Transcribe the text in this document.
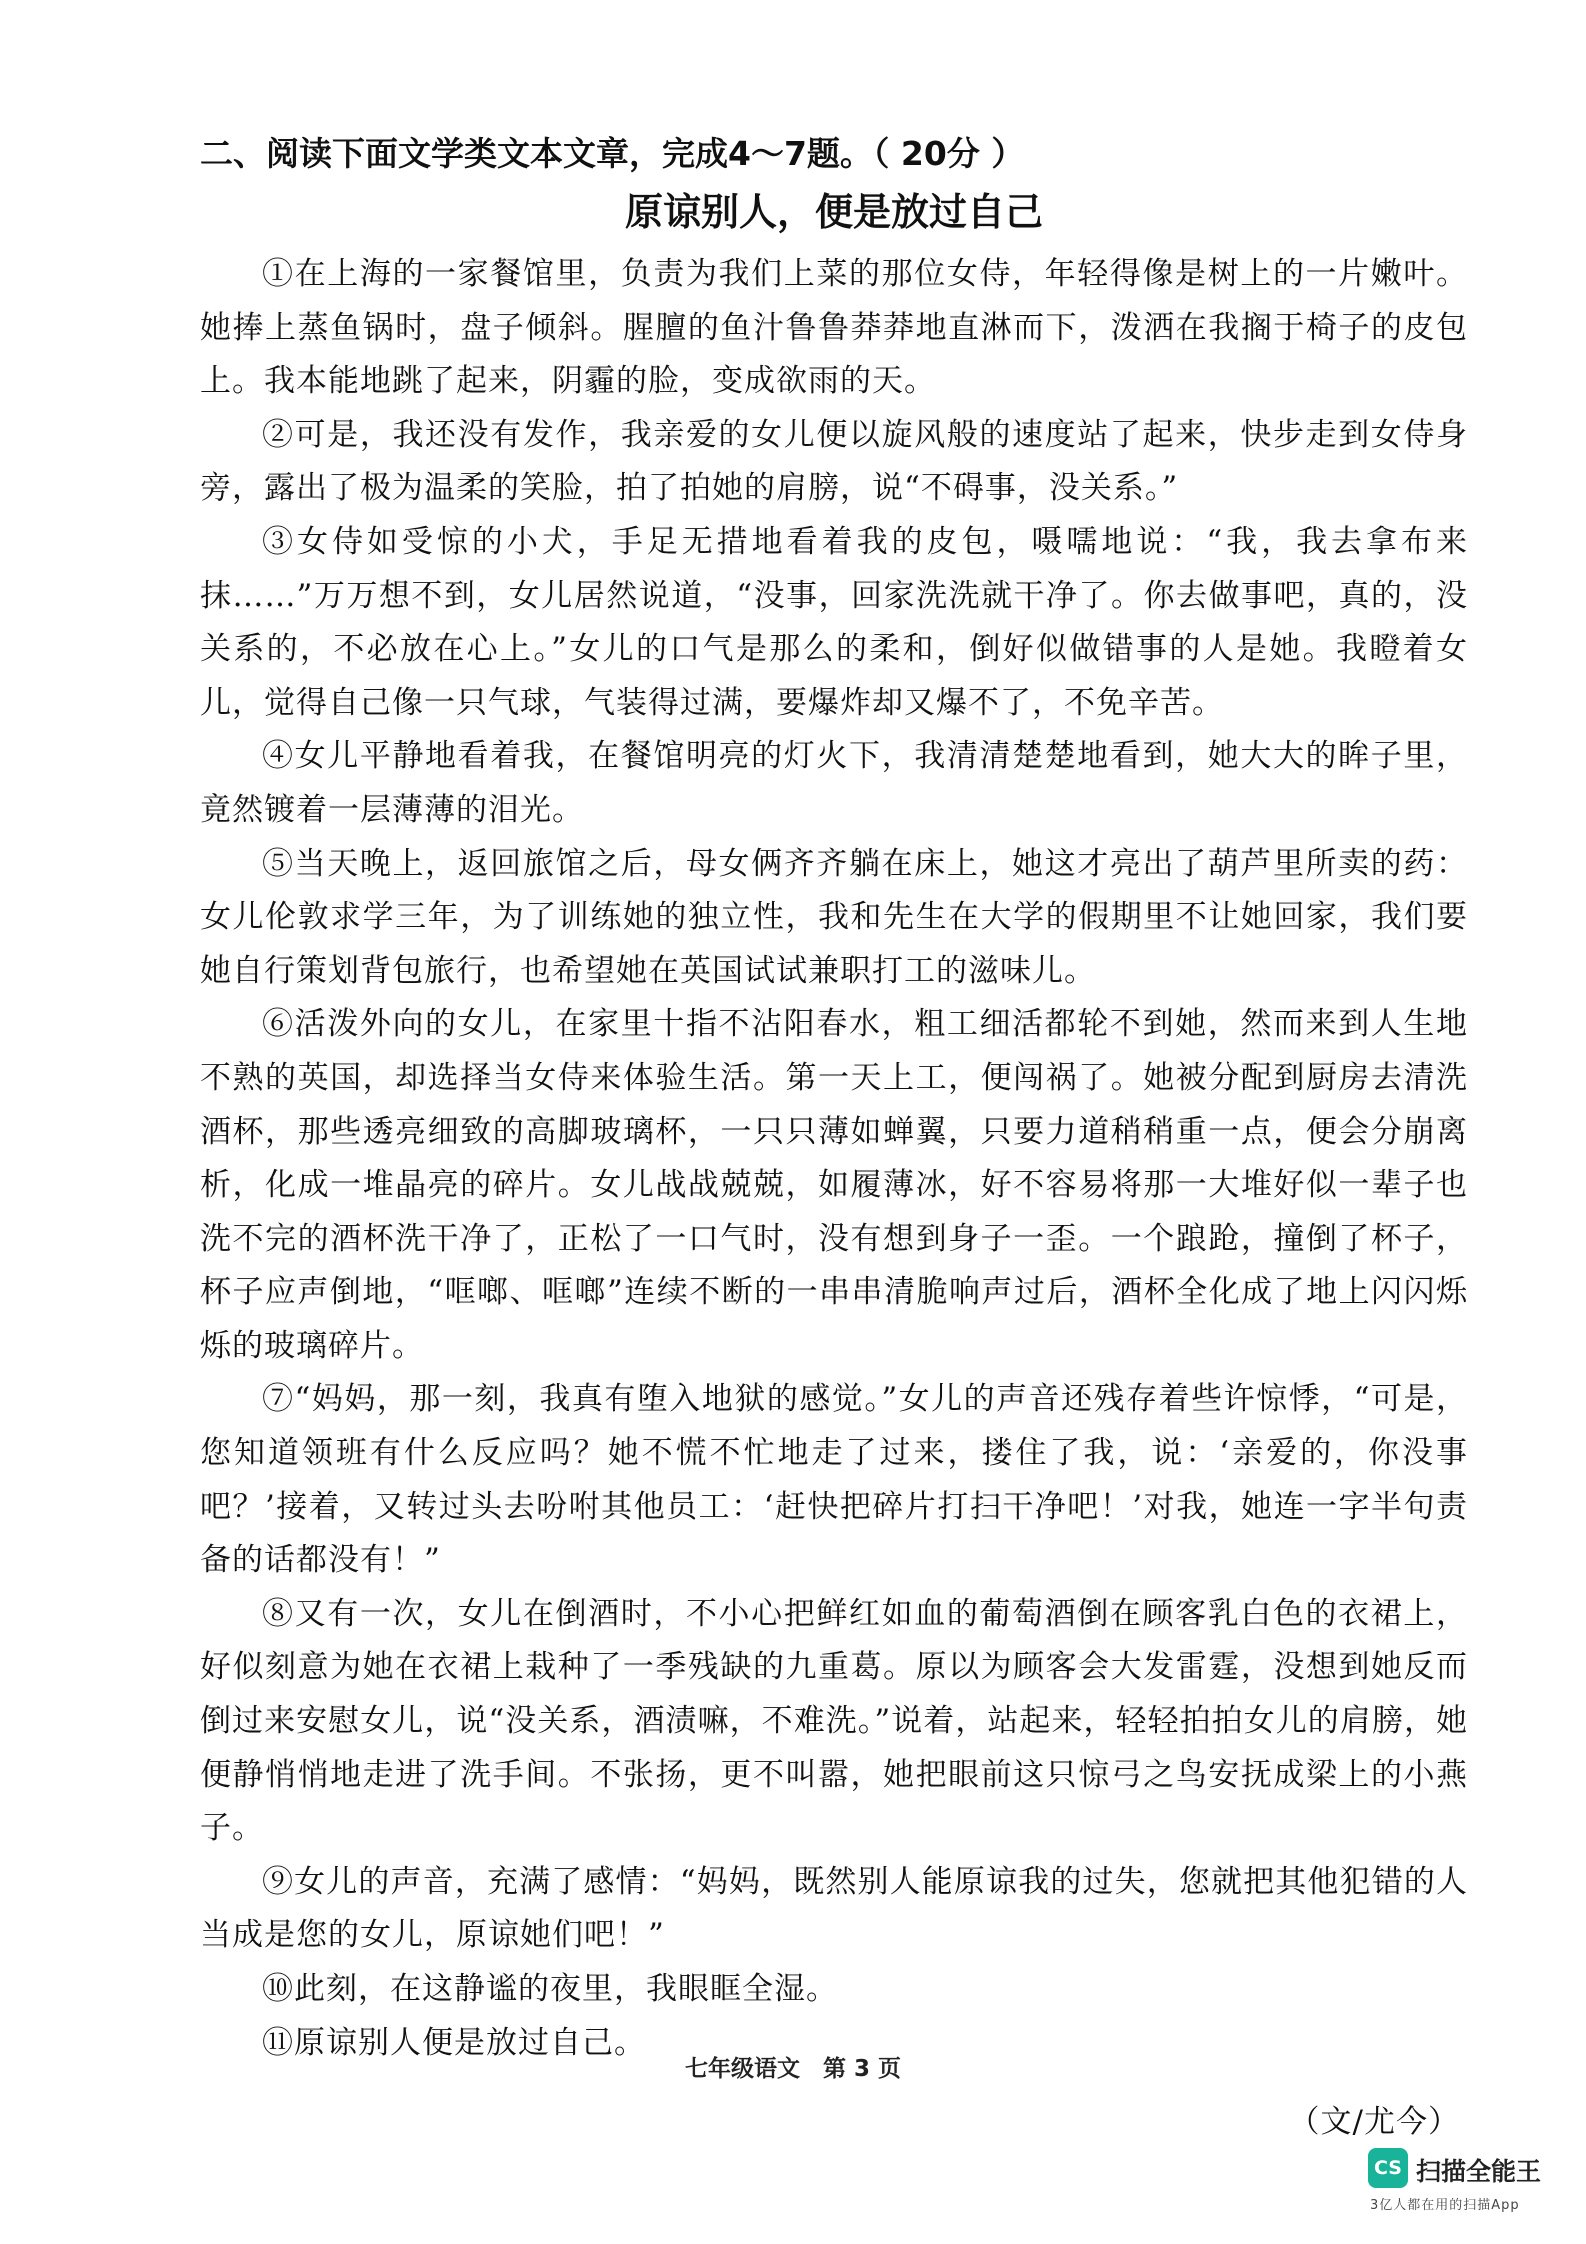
二、阅读下面文学类文本文章，完成4～7题。（ 20分 ）
原谅别人，便是放过自己

①在上海的一家餐馆里，负责为我们上菜的那位女侍，年轻得像是树上的一片嫩叶。她捧上蒸鱼锅时，盘子倾斜。腥膻的鱼汁鲁鲁莽莽地直淋而下，泼洒在我搁于椅子的皮包上。我本能地跳了起来，阴霾的脸，变成欲雨的天。

②可是，我还没有发作，我亲爱的女儿便以旋风般的速度站了起来，快步走到女侍身旁，露出了极为温柔的笑脸，拍了拍她的肩膀，说“不碍事，没关系。”

③女侍如受惊的小犬，手足无措地看着我的皮包，嗫嚅地说：“我，我去拿布来抹……”万万想不到，女儿居然说道，“没事，回家洗洗就干净了。你去做事吧，真的，没关系的，不必放在心上。”女儿的口气是那么的柔和，倒好似做错事的人是她。我瞪着女儿，觉得自己像一只气球，气装得过满，要爆炸却又爆不了，不免辛苦。

④女儿平静地看着我，在餐馆明亮的灯火下，我清清楚楚地看到，她大大的眸子里，竟然镀着一层薄薄的泪光。

⑤当天晚上，返回旅馆之后，母女俩齐齐躺在床上，她这才亮出了葫芦里所卖的药：女儿伦敦求学三年，为了训练她的独立性，我和先生在大学的假期里不让她回家，我们要她自行策划背包旅行，也希望她在英国试试兼职打工的滋味儿。

⑥活泼外向的女儿，在家里十指不沾阳春水，粗工细活都轮不到她，然而来到人生地不熟的英国，却选择当女侍来体验生活。第一天上工，便闯祸了。她被分配到厨房去清洗酒杯，那些透亮细致的高脚玻璃杯，一只只薄如蝉翼，只要力道稍稍重一点，便会分崩离析，化成一堆晶亮的碎片。女儿战战兢兢，如履薄冰，好不容易将那一大堆好似一辈子也洗不完的酒杯洗干净了，正松了一口气时，没有想到身子一歪。一个踉跄，撞倒了杯子，杯子应声倒地，“哐啷、哐啷”连续不断的一串串清脆响声过后，酒杯全化成了地上闪闪烁烁的玻璃碎片。

⑦“妈妈，那一刻，我真有堕入地狱的感觉。”女儿的声音还残存着些许惊悸，“可是，您知道领班有什么反应吗？她不慌不忙地走了过来，搂住了我，说：‘亲爱的，你没事吧？’接着，又转过头去吩咐其他员工：‘赶快把碎片打扫干净吧！’对我，她连一字半句责备的话都没有！”

⑧又有一次，女儿在倒酒时，不小心把鲜红如血的葡萄酒倒在顾客乳白色的衣裙上，好似刻意为她在衣裙上栽种了一季残缺的九重葛。原以为顾客会大发雷霆，没想到她反而倒过来安慰女儿，说“没关系，酒渍嘛，不难洗。”说着，站起来，轻轻拍拍女儿的肩膀，她便静悄悄地走进了洗手间。不张扬，更不叫嚣，她把眼前这只惊弓之鸟安抚成梁上的小燕子。

⑨女儿的声音，充满了感情：“妈妈，既然别人能原谅我的过失，您就把其他犯错的人当成是您的女儿，原谅她们吧！”

⑩此刻，在这静谧的夜里，我眼眶全湿。

⑪原谅别人便是放过自己。

（文/尤今）
七年级语文　第 3 页
CS 扫描全能王
3亿人都在用的扫描App
